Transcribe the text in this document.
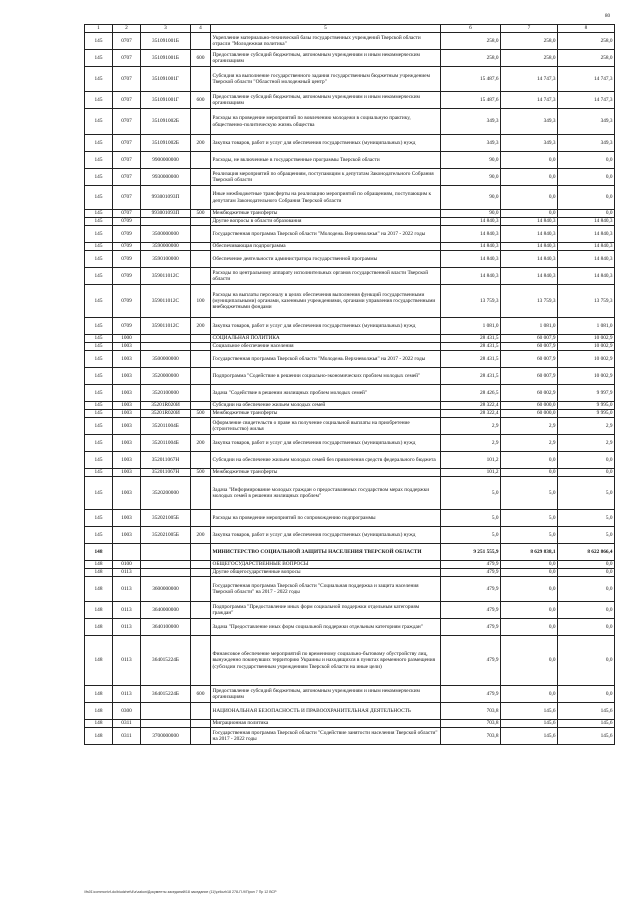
80
1	2	3	4	5	6	7	8
145	0707	351091001Б		Укрепление материально-технической базы государственных учреждений Тверской области отрасли "Молодежная политика"	258,0	258,0	258,0
145	0707	351091001Б	600	Предоставление субсидий бюджетным, автономным учреждениям и иным некоммерческим организациям	258,0	258,0	258,0
145	0707	351091001Г		Субсидия на выполнение государственного задания государственным бюджетным учреждением Тверской области "Областной молодежный центр"	15 487,6	14 747,3	14 747,3
145	0707	351091001Г	600	Предоставление субсидий бюджетным, автономным учреждениям и иным некоммерческим организациям	15 487,6	14 747,3	14 747,3
145	0707	351091002Б		Расходы на проведение мероприятий по вовлечению молодежи в социальную практику, общественно-политическую жизнь общества	349,3	349,3	349,3
145	0707	351091002Б	200	Закупка товаров, работ и услуг для обеспечения государственных (муниципальных) нужд	349,3	349,3	349,3
145	0707	9900000000		Расходы, не включенные в государственные программы Тверской области	90,0	0,0	0,0
145	0707	9930000000		Реализация мероприятий по обращениям, поступающим к депутатам Законодательного Собрания Тверской области	90,0	0,0	0,0
145	0707	993001093П		Иные межбюджетные трансферты на реализацию мероприятий по обращениям, поступающим к депутатам Законодательного Собрания Тверской области	90,0	0,0	0,0
145	0707	993001093П	500	Межбюджетные трансферты	90,0	0,0	0,0
145	0709			Другие вопросы в области образования	14 840,3	14 840,3	14 840,3
145	0709	3500000000		Государственная программа Тверской области "Молодежь Верхневолжья" на 2017 - 2022 годы	14 840,3	14 840,3	14 840,3
145	0709	3590000000		Обеспечивающая подпрограмма	14 840,3	14 840,3	14 840,3
145	0709	3590100000		Обеспечение деятельности администратора государственной программы	14 840,3	14 840,3	14 840,3
145	0709	359011012С		Расходы по центральному аппарату исполнительных органов государственной власти Тверской области	14 840,3	14 840,3	14 840,3
145	0709	359011012С	100	Расходы на выплаты персоналу в целях обеспечения выполнения функций государственными (муниципальными) органами, казенными учреждениями, органами управления государственными внебюджетными фондами	13 759,3	13 759,3	13 759,3
145	0709	359011012С	200	Закупка товаров, работ и услуг для обеспечения государственных (муниципальных) нужд	1 081,0	1 081,0	1 081,0
145	1000			СОЦИАЛЬНАЯ ПОЛИТИКА	28 431,5	60 007,9	10 002,9
145	1003			Социальное обеспечение населения	28 431,5	60 007,9	10 002,9
145	1003	3500000000		Государственная программа Тверской области "Молодежь Верхневолжья" на 2017 - 2022 годы	28 431,5	60 007,9	10 002,9
145	1003	3520000000		Подпрограмма "Содействие в решении социально-экономических проблем молодых семей"	28 431,5	60 007,9	10 002,9
145	1003	3520100000		Задача "Содействие в решении жилищных проблем молодых семей"	28 426,5	60 002,9	9 997,9
145	1003	35201R020И		Субсидии на обеспечение жильем молодых семей	28 322,4	60 000,0	9 995,0
145	1003	35201R020И	500	Межбюджетные трансферты	28 322,4	60 000,0	9 995,0
145	1003	352011004Б		Оформление свидетельств о праве на получение социальной выплаты на приобретение (строительство) жилья	2,9	2,9	2,9
145	1003	352011004Б	200	Закупка товаров, работ и услуг для обеспечения государственных (муниципальных) нужд	2,9	2,9	2,9
145	1003	352011067Н		Субсидии на обеспечение жильем молодых семей без привлечения средств федерального бюджета	101,2	0,0	0,0
145	1003	352011067Н	500	Межбюджетные трансферты	101,2	0,0	0,0
145	1003	3520200000		Задача "Информирование молодых граждан о предоставляемых государством мерах поддержки молодых семей в решении жилищных проблем"	5,0	5,0	5,0
145	1003	352021005Б		Расходы на проведение мероприятий по сопровождению подпрограммы	5,0	5,0	5,0
145	1003	352021005Б	200	Закупка товаров, работ и услуг для обеспечения государственных (муниципальных) нужд	5,0	5,0	5,0
148				МИНИСТЕРСТВО СОЦИАЛЬНОЙ ЗАЩИТЫ НАСЕЛЕНИЯ ТВЕРСКОЙ ОБЛАСТИ	9 251 555,9	8 629 838,1	8 622 866,4
148	0100			ОБЩЕГОСУДАРСТВЕННЫЕ ВОПРОСЫ	479,9	0,0	0,0
148	0113			Другие общегосударственные вопросы	479,9	0,0	0,0
148	0113	3600000000		Государственная программа Тверской области "Социальная поддержка и защита населения Тверской области" на 2017 - 2022 годы	479,9	0,0	0,0
148	0113	3640000000		Подпрограмма "Предоставление иных форм социальной поддержки отдельным категориям граждан"	479,9	0,0	0,0
148	0113	3640100000		Задача "Предоставление иных форм социальной поддержки отдельным категориям граждан"	479,9	0,0	0,0
148	0113	364015224Б		Финансовое обеспечение мероприятий по временному социально-бытовому обустройству лиц, вынужденно покинувших территорию Украины и находящихся в пунктах временного размещения (субсидии государственным учреждениям Тверской области на иные цели)	479,9	0,0	0,0
148	0113	364015224Б	600	Предоставление субсидий бюджетным, автономным учреждениям и иным некоммерческим организациям	479,9	0,0	0,0
148	0300			НАЦИОНАЛЬНАЯ БЕЗОПАСНОСТЬ И ПРАВООХРАНИТЕЛЬНАЯ ДЕЯТЕЛЬНОСТЬ	703,8	145,6	145,6
148	0311			Миграционная политика	703,8	145,6	145,6
148	0311	3700000000		Государственная программа Тверской области "Содействие занятости населения Тверской области" на 2017 - 2022 годы	703,8	145,6	145,6
\\fs01\common\rf-do\biudzhet\4\z\zakon\Документы заседаний\18 заседание (11)\prilozh18 278-П-9\Прил 7 Пр 12 ВСР
